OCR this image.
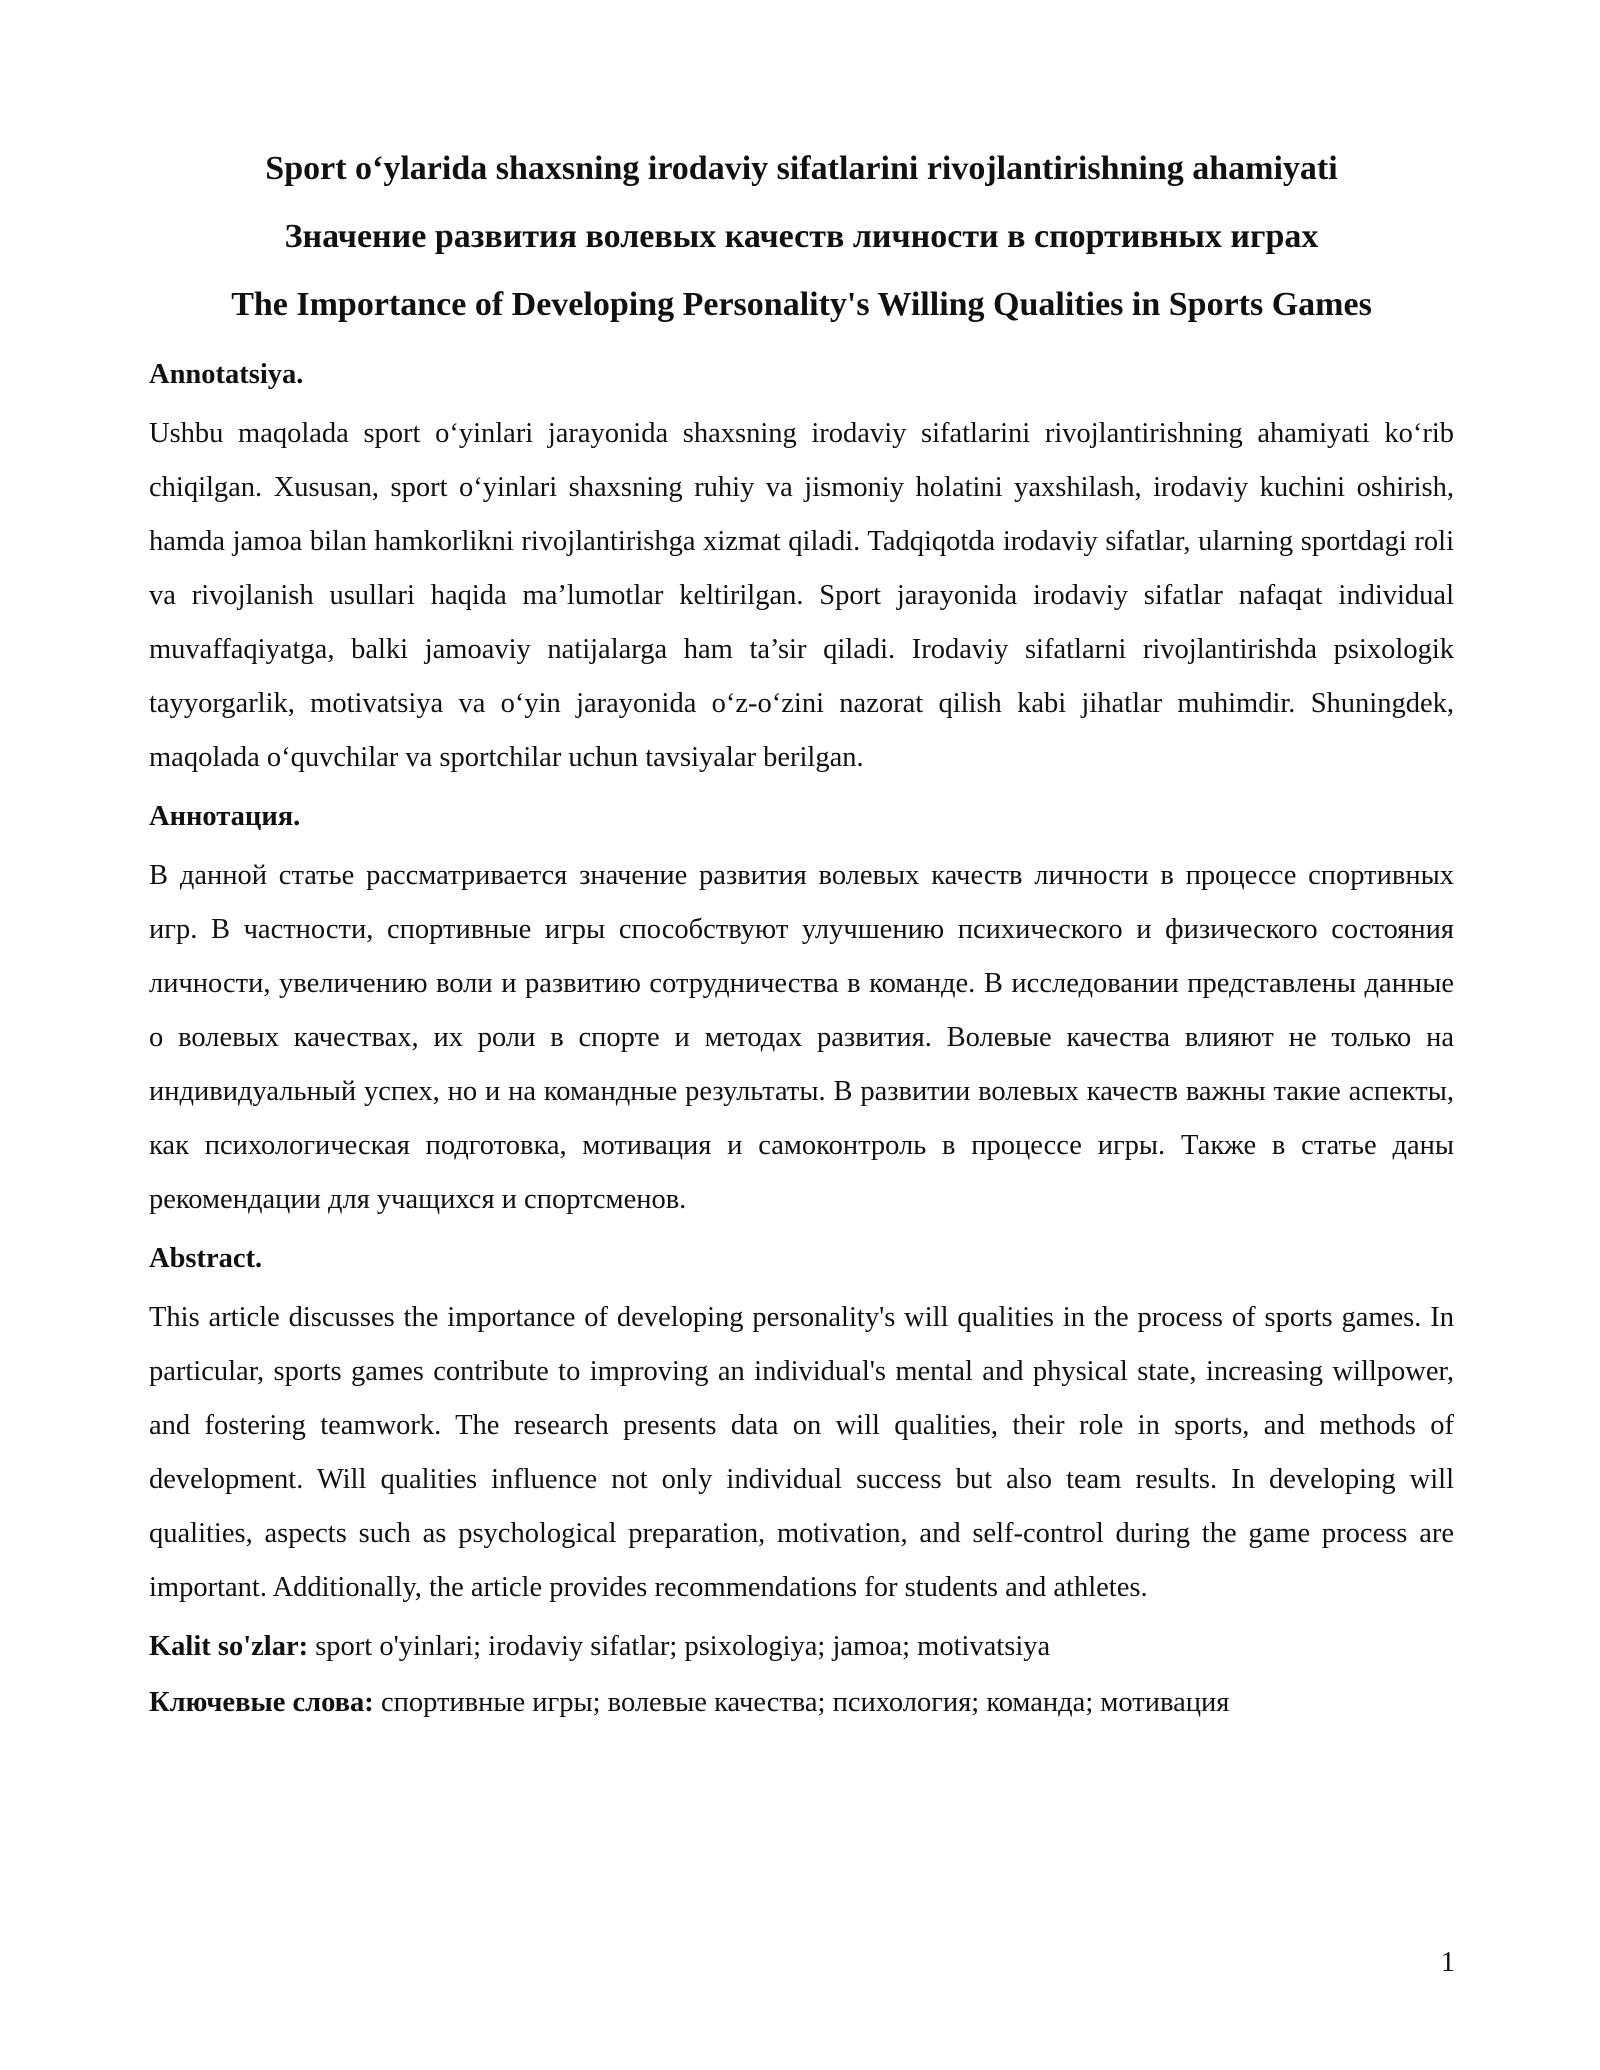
Sport o‘ylarida shaxsning irodaviy sifatlarini rivojlantirishning ahamiyati
Значение развития волевых качеств личности в спортивных играх
The Importance of Developing Personality's Willing Qualities in Sports Games
Annotatsiya.
Ushbu maqolada sport o‘yinlari jarayonida shaxsning irodaviy sifatlarini rivojlantirishning ahamiyati ko‘rib chiqilgan. Xususan, sport o‘yinlari shaxsning ruhiy va jismoniy holatini yaxshilash, irodaviy kuchini oshirish, hamda jamoa bilan hamkorlikni rivojlantirishga xizmat qiladi. Tadqiqotda irodaviy sifatlar, ularning sportdagi roli va rivojlanish usullari haqida ma’lumotlar keltirilgan. Sport jarayonida irodaviy sifatlar nafaqat individual muvaffaqiyatga, balki jamoaviy natijalarga ham ta’sir qiladi. Irodaviy sifatlarni rivojlantirishda psixologik tayyorgarlik, motivatsiya va o‘yin jarayonida o‘z-o‘zini nazorat qilish kabi jihatlar muhimdir. Shuningdek, maqolada o‘quvchilar va sportchilar uchun tavsiyalar berilgan.
Аннотация.
В данной статье рассматривается значение развития волевых качеств личности в процессе спортивных игр. В частности, спортивные игры способствуют улучшению психического и физического состояния личности, увеличению воли и развитию сотрудничества в команде. В исследовании представлены данные о волевых качествах, их роли в спорте и методах развития. Волевые качества влияют не только на индивидуальный успех, но и на командные результаты. В развитии волевых качеств важны такие аспекты, как психологическая подготовка, мотивация и самоконтроль в процессе игры. Также в статье даны рекомендации для учащихся и спортсменов.
Abstract.
This article discusses the importance of developing personality's will qualities in the process of sports games. In particular, sports games contribute to improving an individual's mental and physical state, increasing willpower, and fostering teamwork. The research presents data on will qualities, their role in sports, and methods of development. Will qualities influence not only individual success but also team results. In developing will qualities, aspects such as psychological preparation, motivation, and self-control during the game process are important. Additionally, the article provides recommendations for students and athletes.
Kalit so'zlar: sport o'yinlari; irodaviy sifatlar; psixologiya; jamoa; motivatsiya
Ключевые слова: спортивные игры; волевые качества; психология; команда; мотивация
1
